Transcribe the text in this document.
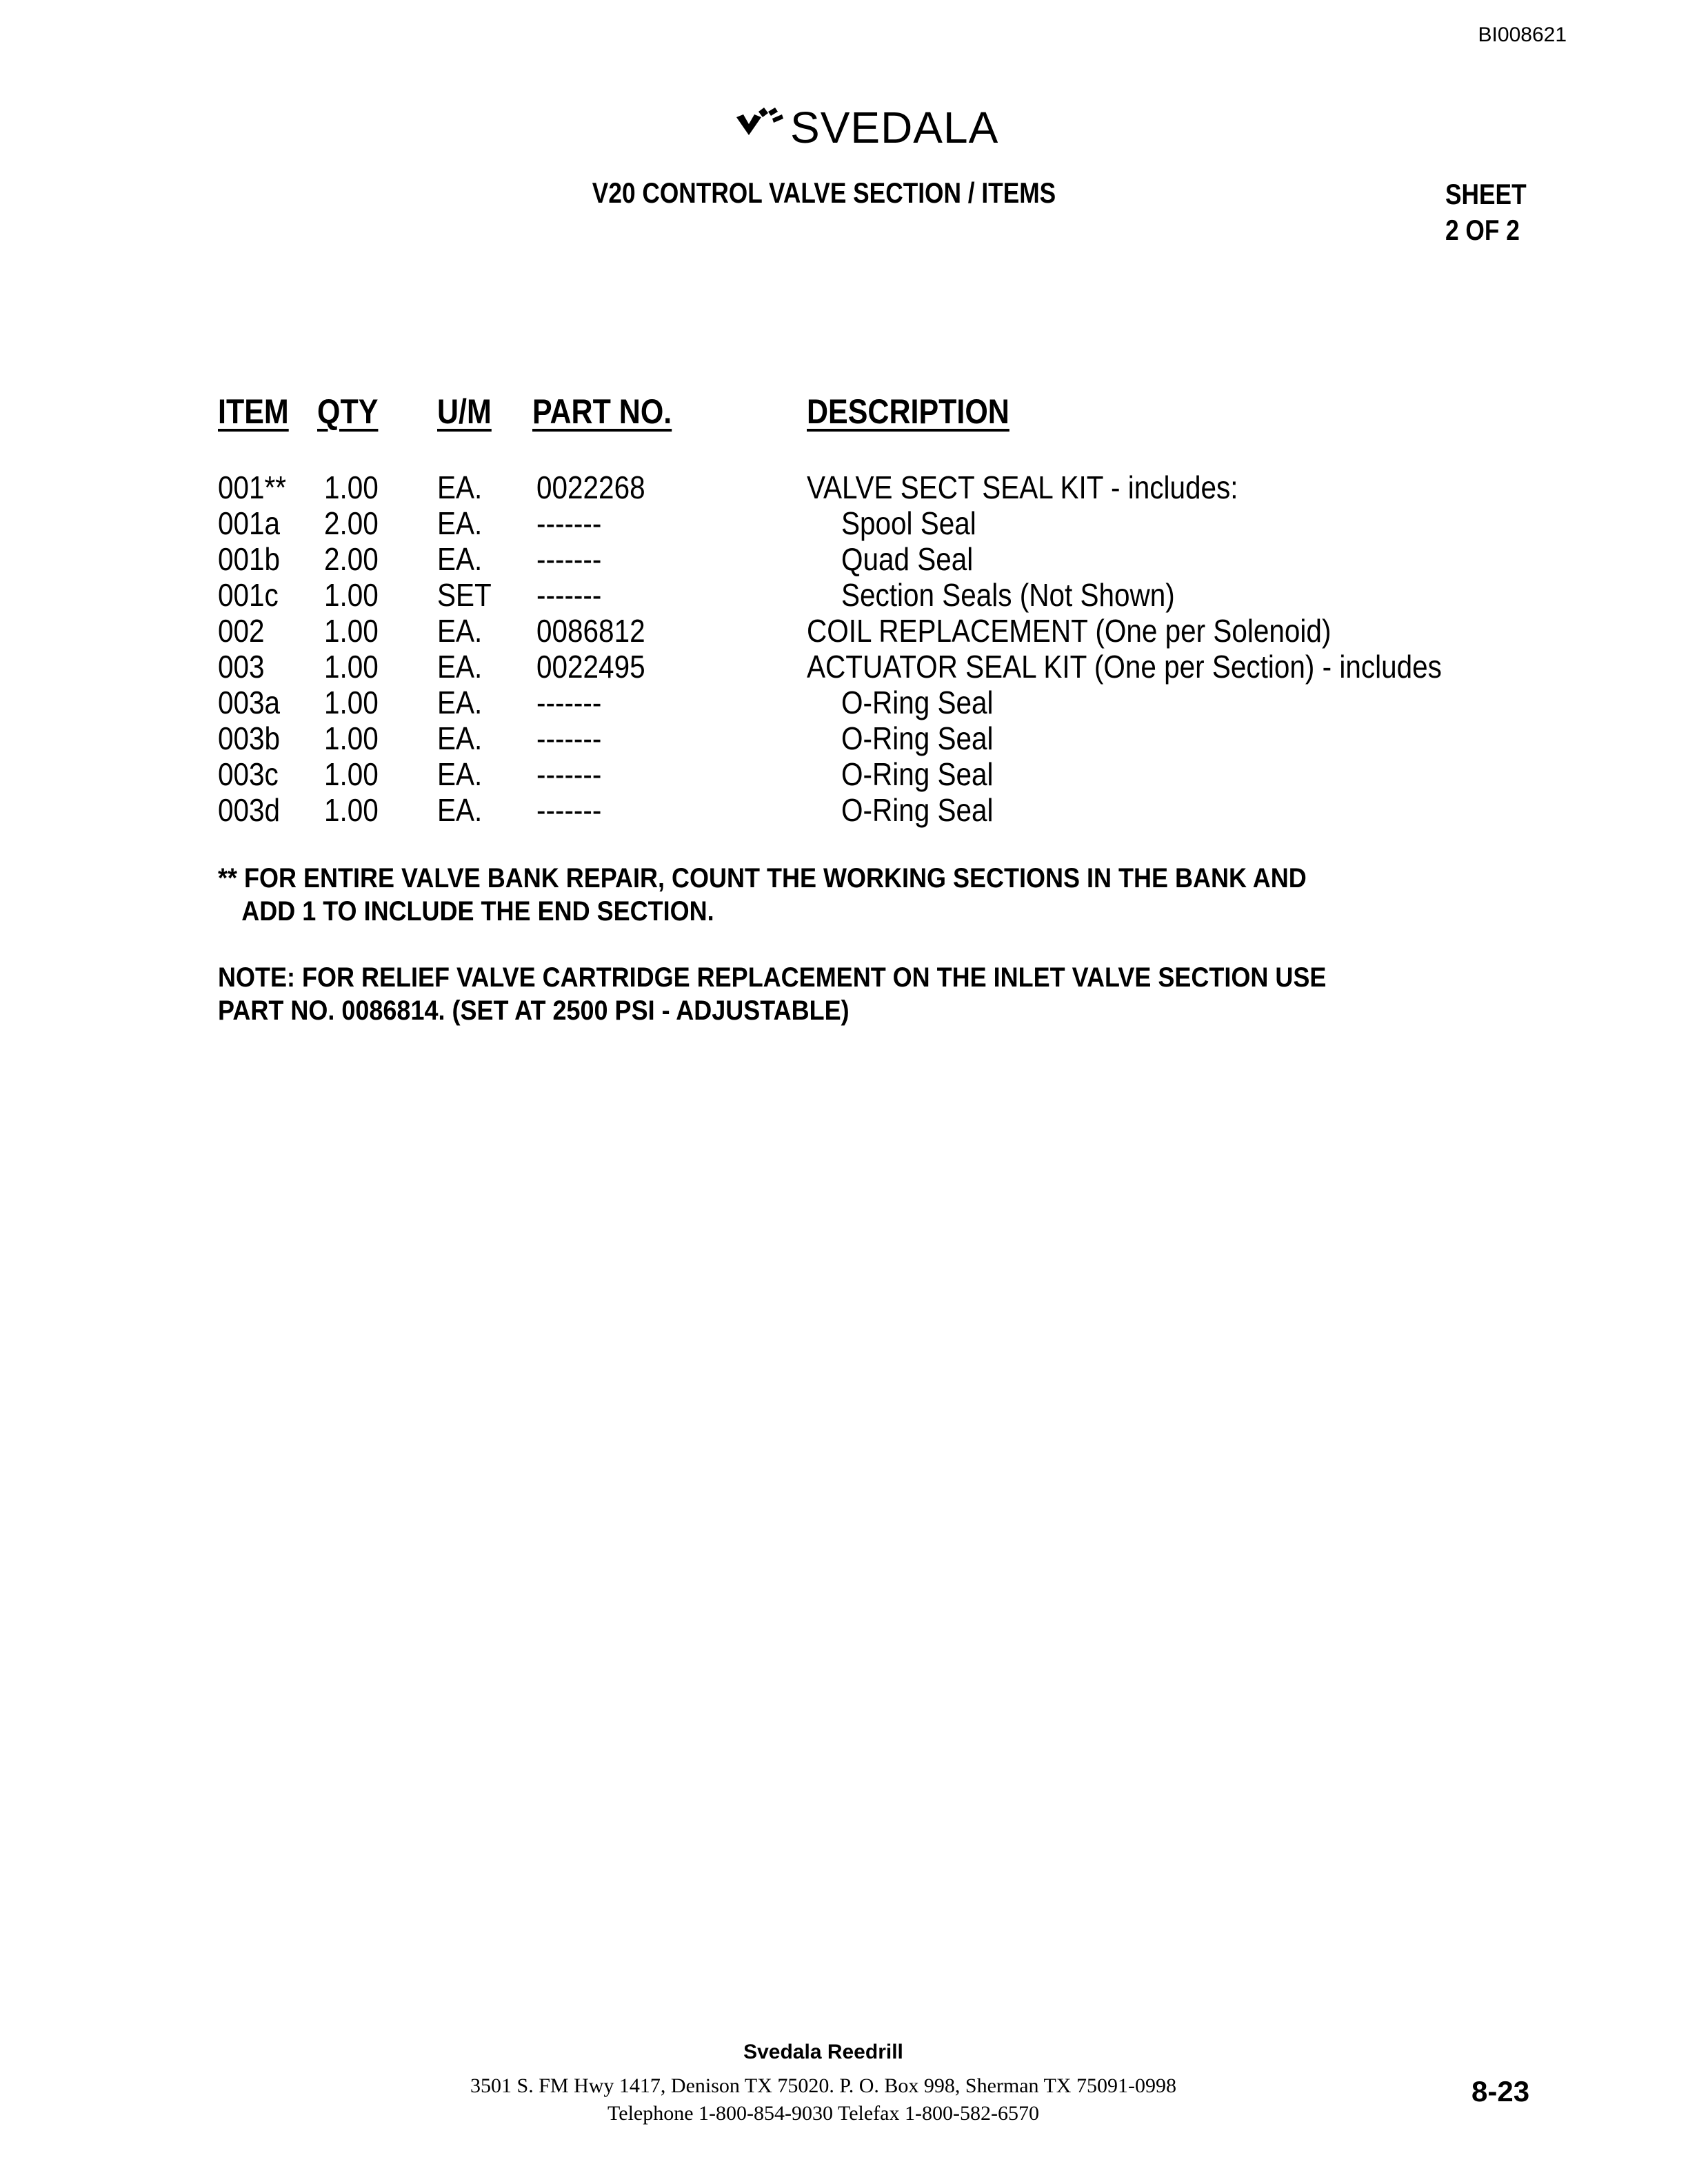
BI008621
SVEDALA
V20 CONTROL VALVE SECTION / ITEMS	SHEET
2 OF 2
ITEM QTY U/M PART NO.	DESCRIPTION
001** 1.00 EA. 0022268	VALVE SECT SEAL KIT - includes:
001a 2.00 EA. -------	Spool Seal
001b 2.00 EA. -------	Quad Seal
001c 1.00 SET -------	Section Seals (Not Shown)
002 1.00 EA. 0086812	COIL REPLACEMENT (One per Solenoid)
003 1.00 EA. 0022495	ACTUATOR SEAL KIT (One per Section) - includes
003a 1.00 EA. -------	O-Ring Seal
003b 1.00 EA. -------	O-Ring Seal
003c 1.00 EA. -------	O-Ring Seal
003d 1.00 EA. -------	O-Ring Seal
** FOR ENTIRE VALVE BANK REPAIR, COUNT THE WORKING SECTIONS IN THE BANK AND
ADD 1 TO INCLUDE THE END SECTION.
NOTE: FOR RELIEF VALVE CARTRIDGE REPLACEMENT ON THE INLET VALVE SECTION USE
PART NO. 0086814. (SET AT 2500 PSI - ADJUSTABLE)
Svedala Reedrill
3501 S. FM Hwy 1417, Denison TX 75020. P. O. Box 998, Sherman TX 75091-0998
Telephone 1-800-854-9030 Telefax 1-800-582-6570
8-23
